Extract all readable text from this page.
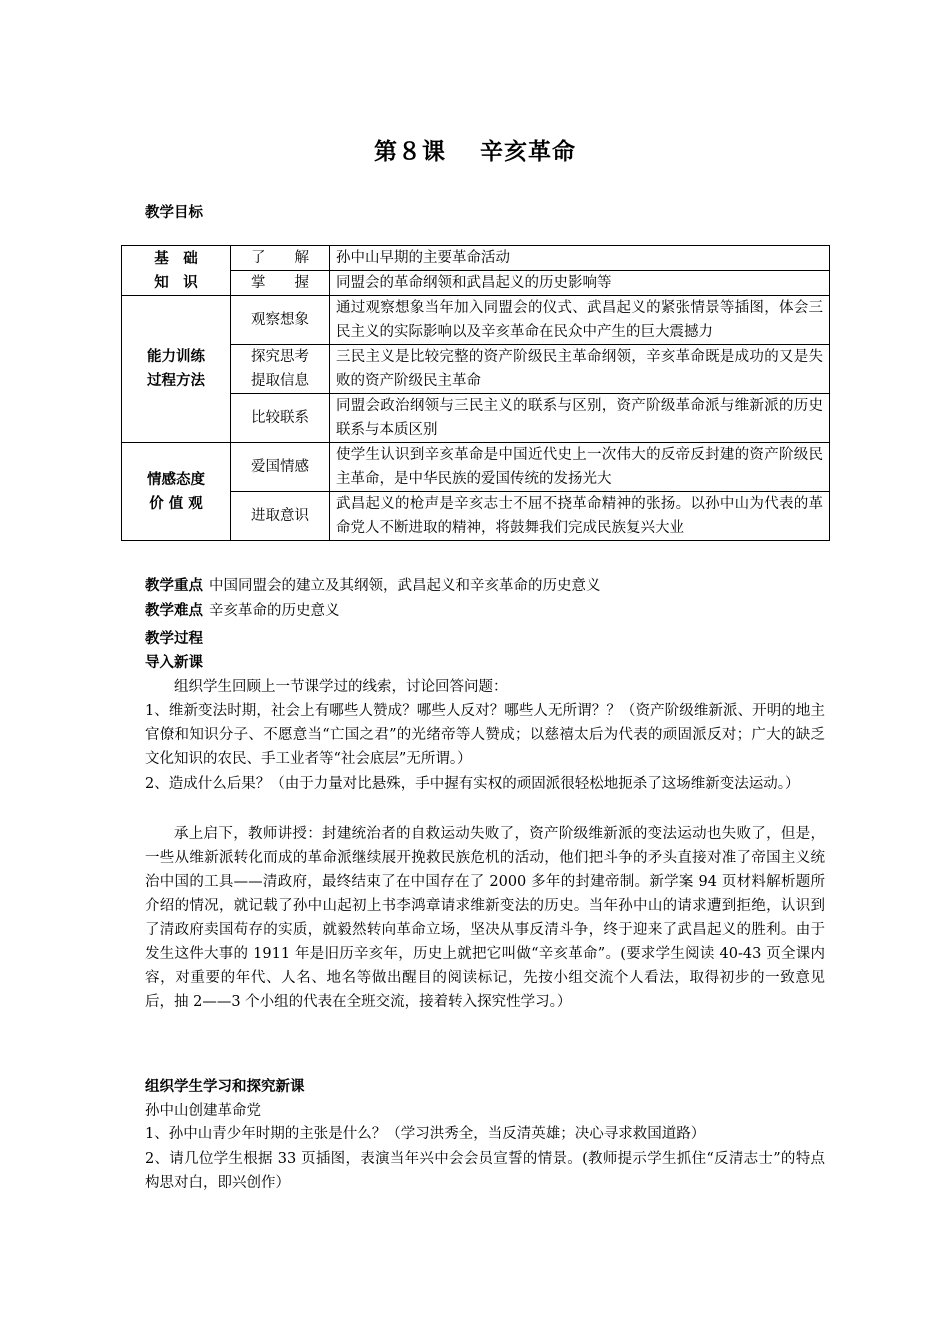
第８课 辛亥革命
教学目标
基　础
知　识	了　　解	孙中山早期的主要革命活动
	掌　　握	同盟会的革命纲领和武昌起义的历史影响等

能力训练
过程方法	观察想象	通过观察想象当年加入同盟会的仪式、武昌起义的紧张情景等插图，体会三民主义的实际影响以及辛亥革命在民众中产生的巨大震撼力

	探究思考
提取信息	三民主义是比较完整的资产阶级民主革命纲领，辛亥革命既是成功的又是失败的资产阶级民主革命
	比较联系	同盟会政治纲领与三民主义的联系与区别，资产阶级革命派与维新派的历史联系与本质区别

情感态度
价 值 观	爱国情感	使学生认识到辛亥革命是中国近代史上一次伟大的反帝反封建的资产阶级民主革命，是中华民族的爱国传统的发扬光大
	进取意识	武昌起义的枪声是辛亥志士不屈不挠革命精神的张扬。以孙中山为代表的革命党人不断进取的精神，将鼓舞我们完成民族复兴大业
教学重点 中国同盟会的建立及其纲领，武昌起义和辛亥革命的历史意义
教学难点 辛亥革命的历史意义
教学过程
导入新课
组织学生回顾上一节课学过的线索，讨论回答问题：
1、维新变法时期，社会上有哪些人赞成？哪些人反对？哪些人无所谓？？（资产阶级维新派、开明的地主官僚和知识分子、不愿意当“亡国之君”的光绪帝等人赞成；以慈禧太后为代表的顽固派反对；广大的缺乏文化知识的农民、手工业者等“社会底层”无所谓。）
2、造成什么后果？（由于力量对比悬殊，手中握有实权的顽固派很轻松地扼杀了这场维新变法运动。）
承上启下，教师讲授：封建统治者的自救运动失败了，资产阶级维新派的变法运动也失败了，但是，一些从维新派转化而成的革命派继续展开挽救民族危机的活动，他们把斗争的矛头直接对准了帝国主义统治中国的工具——清政府，最终结束了在中国存在了 2000 多年的封建帝制。新学案 94 页材料解析题所介绍的情况，就记载了孙中山起初上书李鸿章请求维新变法的历史。当年孙中山的请求遭到拒绝，认识到了清政府卖国苟存的实质，就毅然转向革命立场，坚决从事反清斗争，终于迎来了武昌起义的胜利。由于发生这件大事的 1911 年是旧历辛亥年，历史上就把它叫做“辛亥革命”。(要求学生阅读 40-43 页全课内容，对重要的年代、人名、地名等做出醒目的阅读标记，先按小组交流个人看法，取得初步的一致意见后，抽 2——3 个小组的代表在全班交流，接着转入探究性学习。）
组织学生学习和探究新课
孙中山创建革命党
1、孙中山青少年时期的主张是什么？（学习洪秀全，当反清英雄；决心寻求救国道路）
2、请几位学生根据 33 页插图，表演当年兴中会会员宣誓的情景。(教师提示学生抓住“反清志士”的特点构思对白，即兴创作）
